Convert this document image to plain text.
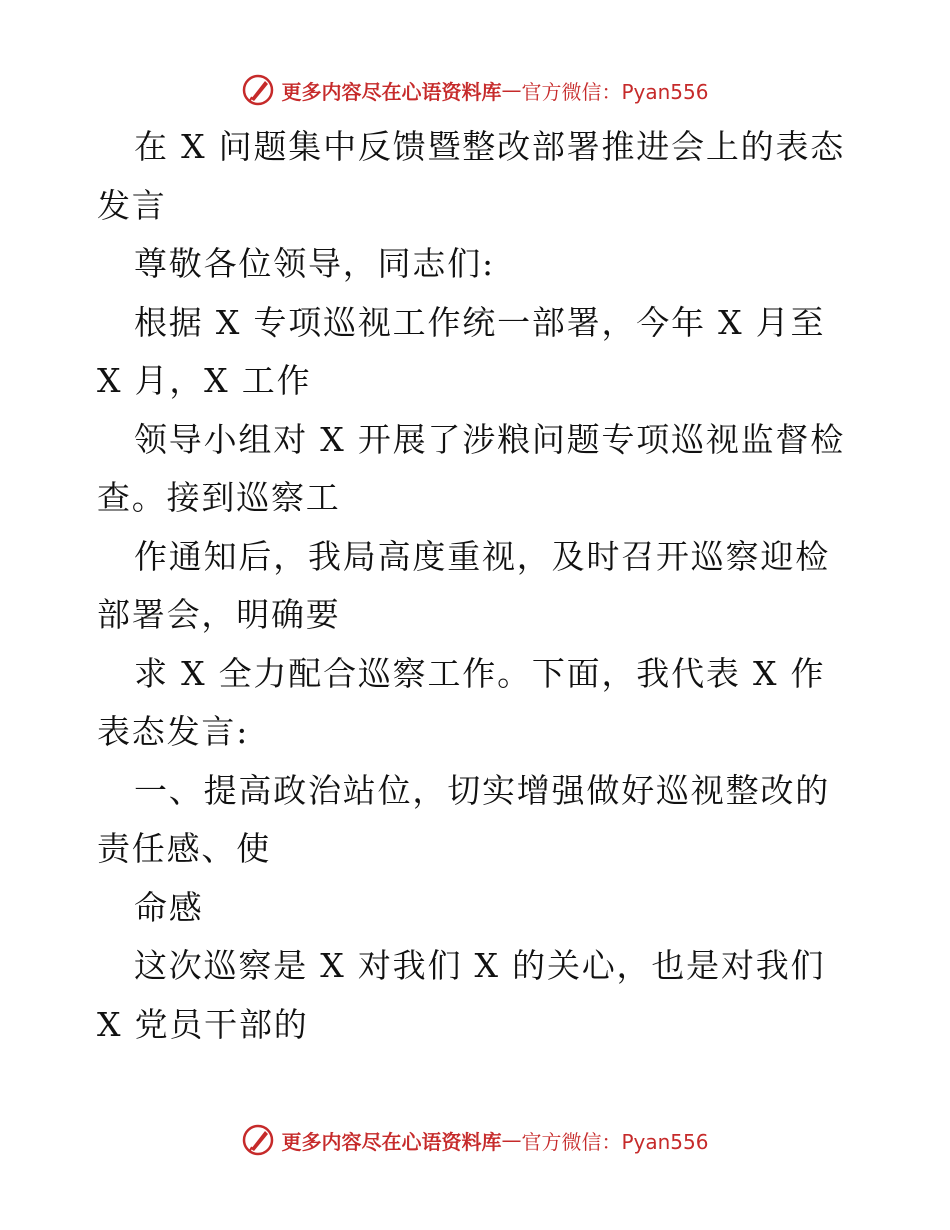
更多内容尽在心语资料库 — 官方微信：Pyan556

在 X 问题集中反馈暨整改部署推进会上的表态发言

尊敬各位领导，同志们:

根据 X 专项巡视工作统一部署，今年 X 月至 X 月，X 工作

领导小组对 X 开展了涉粮问题专项巡视监督检查。接到巡察工

作通知后，我局高度重视，及时召开巡察迎检部署会，明确要

求 X 全力配合巡察工作。下面，我代表 X 作表态发言:

一、提高政治站位，切实增强做好巡视整改的责任感、使

命感

这次巡察是 X 对我们 X 的关心，也是对我们 X 党员干部的

更多内容尽在心语资料库 — 官方微信：Pyan556
